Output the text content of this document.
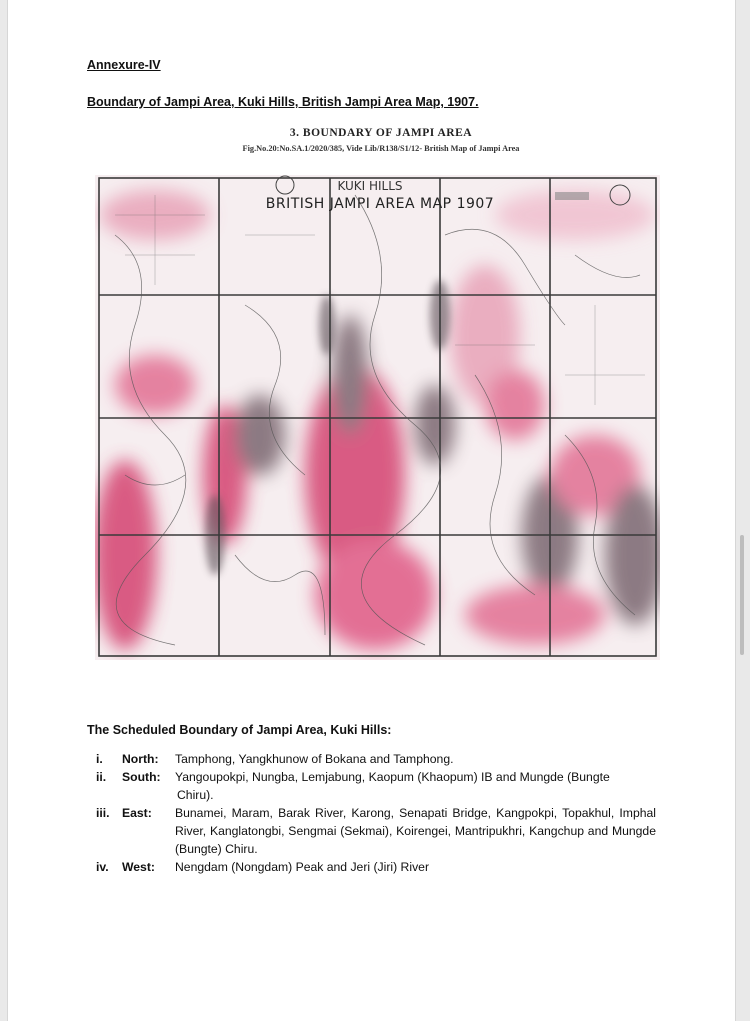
Annexure-IV
Boundary of Jampi Area, Kuki Hills, British Jampi Area Map, 1907.
3. BOUNDARY OF JAMPI AREA
Fig.No.20:No.SA.1/2020/385, Vide Lib/R138/S1/12- British Map of Jampi Area
KUKI HILLS
BRITISH JAMPI AREA MAP 1907
The Scheduled Boundary of Jampi Area, Kuki Hills:
i.	North:	Tamphong, Yangkhunow of Bokana and Tamphong.
ii.	South:	Yangoupokpi, Nungba, Lemjabung, Kaopum (Khaopum) IB and Mungde (Bungte
Chiru).
iii.	East:	Bunamei, Maram, Barak River, Karong, Senapati Bridge, Kangpokpi, Topakhul, Imphal River, Kanglatongbi, Sengmai (Sekmai), Koirengei, Mantripukhri, Kangchup and Mungde (Bungte) Chiru.
iv.	West:	Nengdam (Nongdam) Peak and Jeri (Jiri) River
